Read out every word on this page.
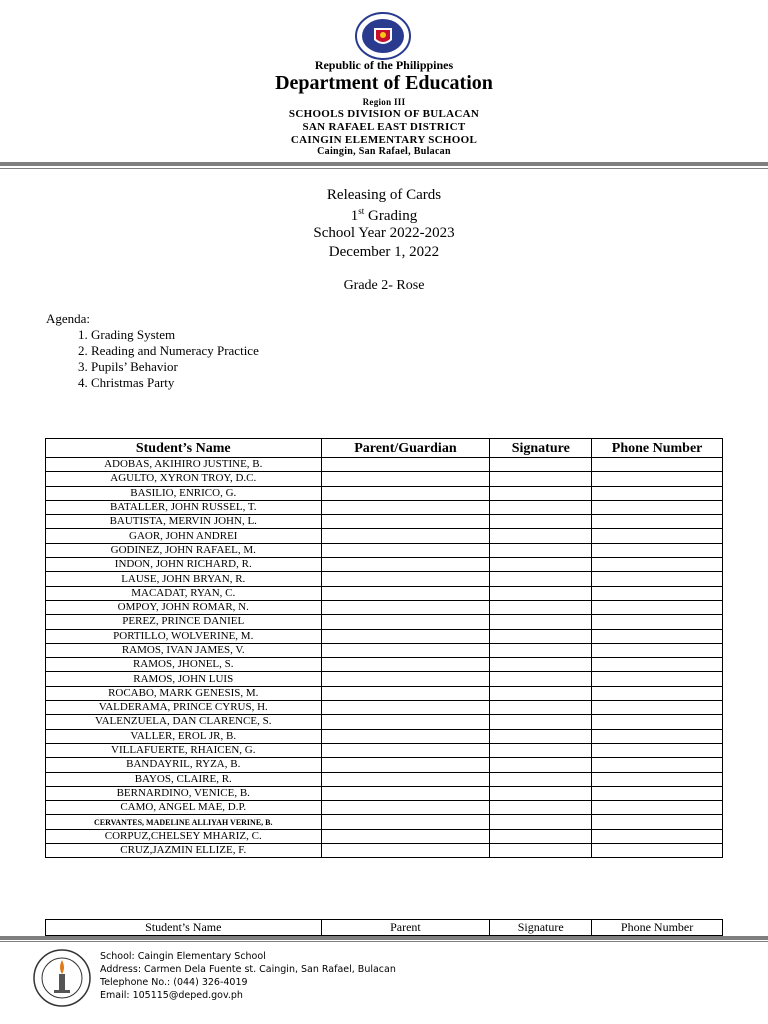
Republic of the Philippines
Department of Education
Region III
SCHOOLS DIVISION OF BULACAN
SAN RAFAEL EAST DISTRICT
CAINGIN ELEMENTARY SCHOOL
Caingin, San Rafael, Bulacan
Releasing of Cards
1st Grading
School Year 2022-2023
December 1, 2022
Grade 2- Rose
Agenda:
1. Grading System
2. Reading and Numeracy Practice
3. Pupils’ Behavior
4. Christmas Party
Student’s Name	Parent/Guardian	Signature	Phone Number
ADOBAS, AKIHIRO JUSTINE, B.			
AGULTO, XYRON TROY, D.C.			
BASILIO, ENRICO, G.			
BATALLER, JOHN RUSSEL, T.			
BAUTISTA, MERVIN JOHN, L.			
GAOR, JOHN ANDREI			
GODINEZ, JOHN RAFAEL, M.			
INDON, JOHN RICHARD, R.			
LAUSE, JOHN BRYAN, R.			
MACADAT, RYAN, C.			
OMPOY, JOHN ROMAR, N.			
PEREZ, PRINCE DANIEL			
PORTILLO, WOLVERINE, M.			
RAMOS, IVAN JAMES, V.			
RAMOS, JHONEL, S.			
RAMOS, JOHN LUIS			
ROCABO, MARK GENESIS, M.			
VALDERAMA, PRINCE CYRUS, H.			
VALENZUELA, DAN CLARENCE, S.			
VALLER, EROL JR, B.			
VILLAFUERTE, RHAICEN, G.			
BANDAYRIL, RYZA, B.			
BAYOS, CLAIRE, R.			
BERNARDINO, VENICE, B.			
CAMO, ANGEL MAE, D.P.			
CERVANTES, MADELINE ALLIYAH VERINE, B.			
CORPUZ,CHELSEY MHARIZ, C.			
CRUZ,JAZMIN ELLIZE, F.			
Student’s Name	Parent	Signature	Phone Number
School: Caingin Elementary School
Address: Carmen Dela Fuente st. Caingin, San Rafael, Bulacan
Telephone No.: (044) 326-4019
Email: 105115@deped.gov.ph
